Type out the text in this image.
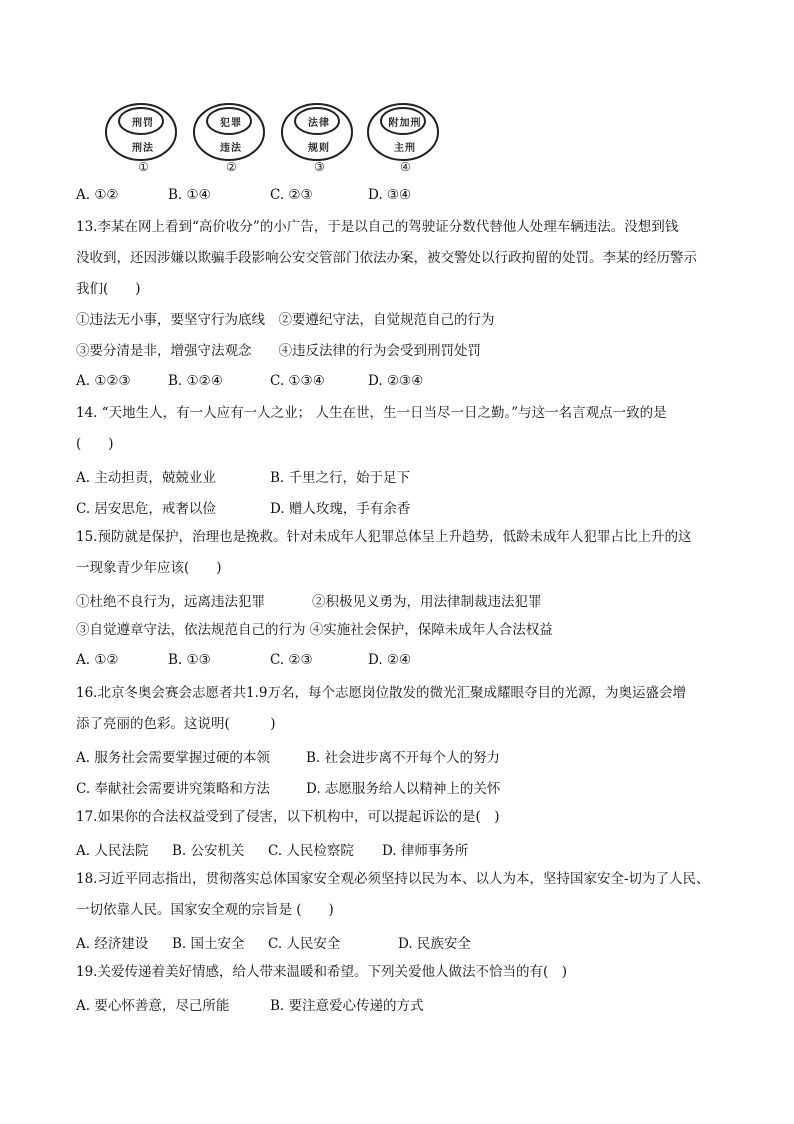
刑罚
刑法
①
犯罪
违法
②
法律
规则
③
附加刑
主刑
④
A. ①②	B. ①④	C. ②③	D. ③④
13.李某在网上看到“高价收分”的小广告，于是以自己的驾驶证分数代替他人处理车辆违法。没想到钱
没收到，还因涉嫌以欺骗手段影响公安交管部门依法办案，被交警处以行政拘留的处罚。李某的经历警示
我们(　　)
①违法无小事，要坚守行为底线　②要遵纪守法，自觉规范自己的行为
③要分清是非，增强守法观念　　④违反法律的行为会受到刑罚处罚
A. ①②③	B. ①②④	C. ①③④	D. ②③④
14. “天地生人，有一人应有一人之业； 人生在世，生一日当尽一日之勤。”与这一名言观点一致的是
(　　)
A. 主动担责，兢兢业业	B. 千里之行，始于足下
C. 居安思危，戒奢以俭	D. 赠人玫瑰，手有余香
15.预防就是保护，治理也是挽救。针对未成年人犯罪总体呈上升趋势，低龄未成年人犯罪占比上升的这
一现象青少年应该(　　)
①杜绝不良行为，远离违法犯罪	②积极见义勇为，用法律制裁违法犯罪
③自觉遵章守法，依法规范自己的行为 ④实施社会保护，保障未成年人合法权益
A. ①②	B. ①③	C. ②③	D. ②④
16.北京冬奥会赛会志愿者共1.9万名，每个志愿岗位散发的微光汇聚成耀眼夺目的光源，为奥运盛会增
添了亮丽的色彩。这说明(　　　)
A. 服务社会需要掌握过硬的本领	B. 社会进步离不开每个人的努力
C. 奉献社会需要讲究策略和方法	D. 志愿服务给人以精神上的关怀
17.如果你的合法权益受到了侵害，以下机构中，可以提起诉讼的是(　)
A. 人民法院 B. 公安机关 C. 人民检察院 D. 律师事务所
18.习近平同志指出，贯彻落实总体国家安全观必须坚持以民为本、以人为本，坚持国家安全-切为了人民、
一切依靠人民。国家安全观的宗旨是 (　　)
A. 经济建设 B. 国土安全 C. 人民安全	D. 民族安全
19.关爱传递着美好情感，给人带来温暖和希望。下列关爱他人做法不恰当的有(　)
A. 要心怀善意，尽己所能	B. 要注意爱心传递的方式
